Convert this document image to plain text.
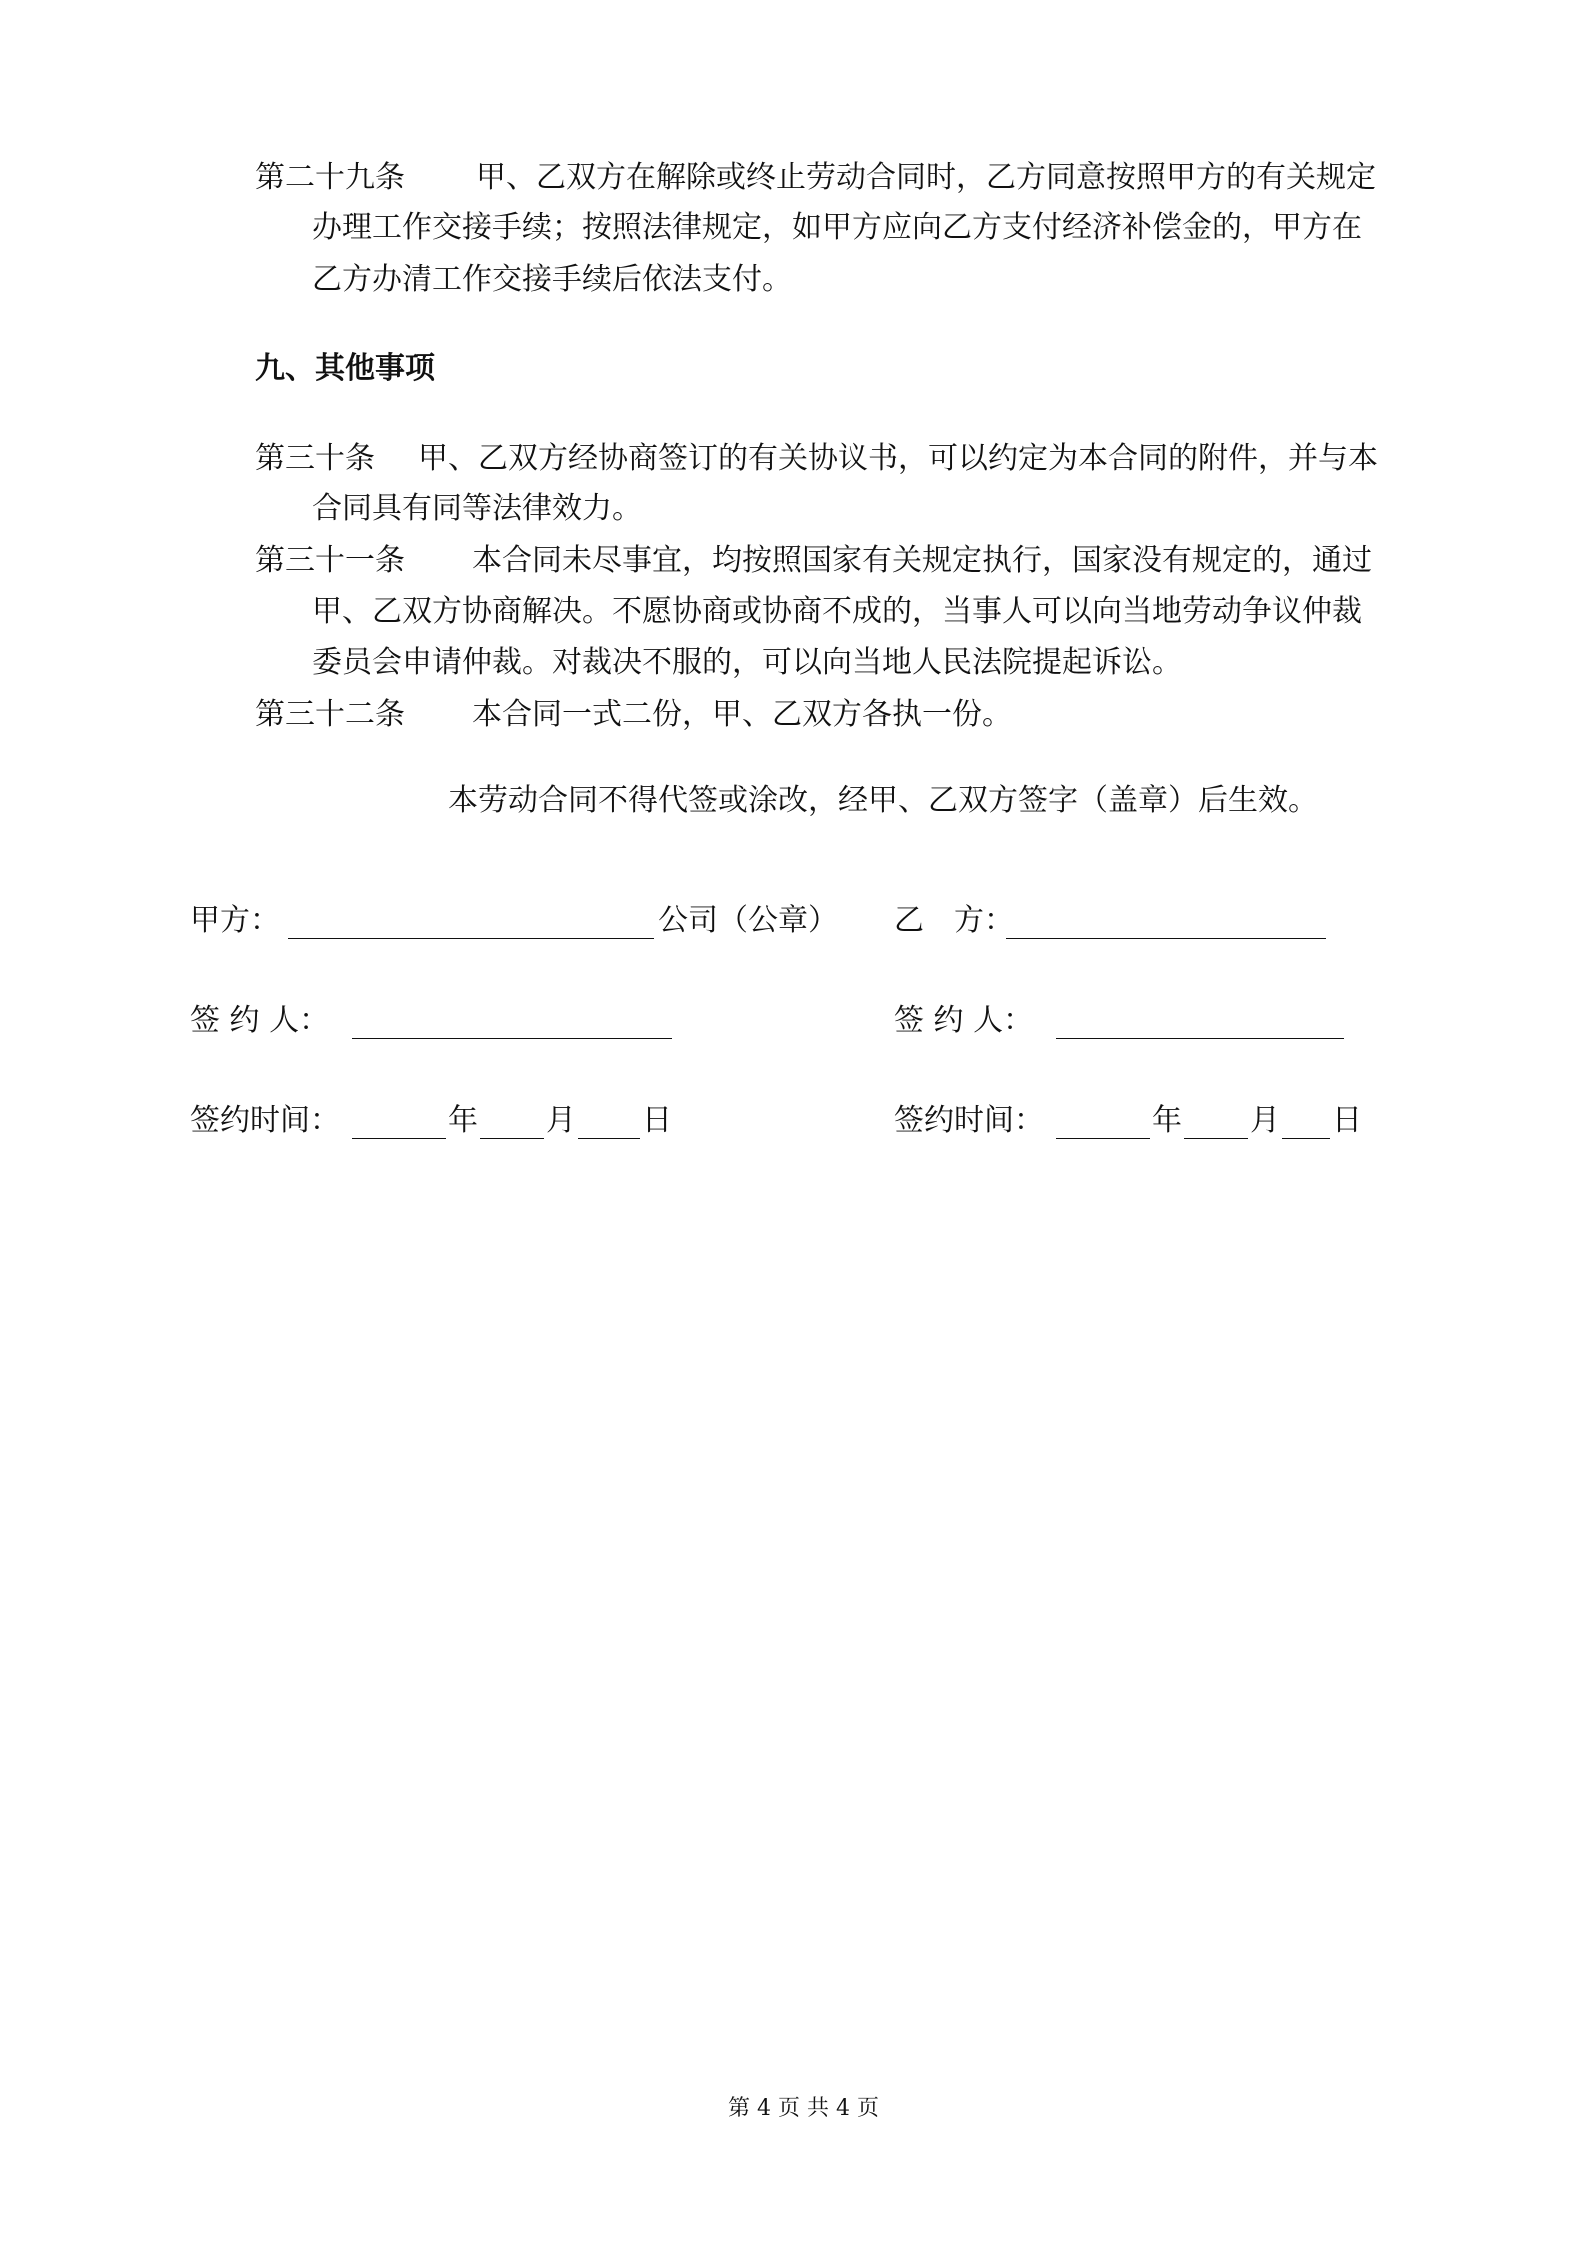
第二十九条 甲、乙双方在解除或终止劳动合同时，乙方同意按照甲方的有关规定
办理工作交接手续；按照法律规定，如甲方应向乙方支付经济补偿金的，甲方在
乙方办清工作交接手续后依法支付。
九、其他事项
第三十条 甲、乙双方经协商签订的有关协议书，可以约定为本合同的附件，并与本
合同具有同等法律效力。
第三十一条 本合同未尽事宜，均按照国家有关规定执行，国家没有规定的，通过
甲、乙双方协商解决。不愿协商或协商不成的，当事人可以向当地劳动争议仲裁
委员会申请仲裁。对裁决不服的，可以向当地人民法院提起诉讼。
第三十二条 本合同一式二份，甲、乙双方各执一份。
本劳动合同不得代签或涂改，经甲、乙双方签字（盖章）后生效。
甲方：	公司（公章） 乙　方：
签 约 人：	签 约 人：
签约时间：	年 月 日	签约时间：	年 月 日
第 4 页 共 4 页
